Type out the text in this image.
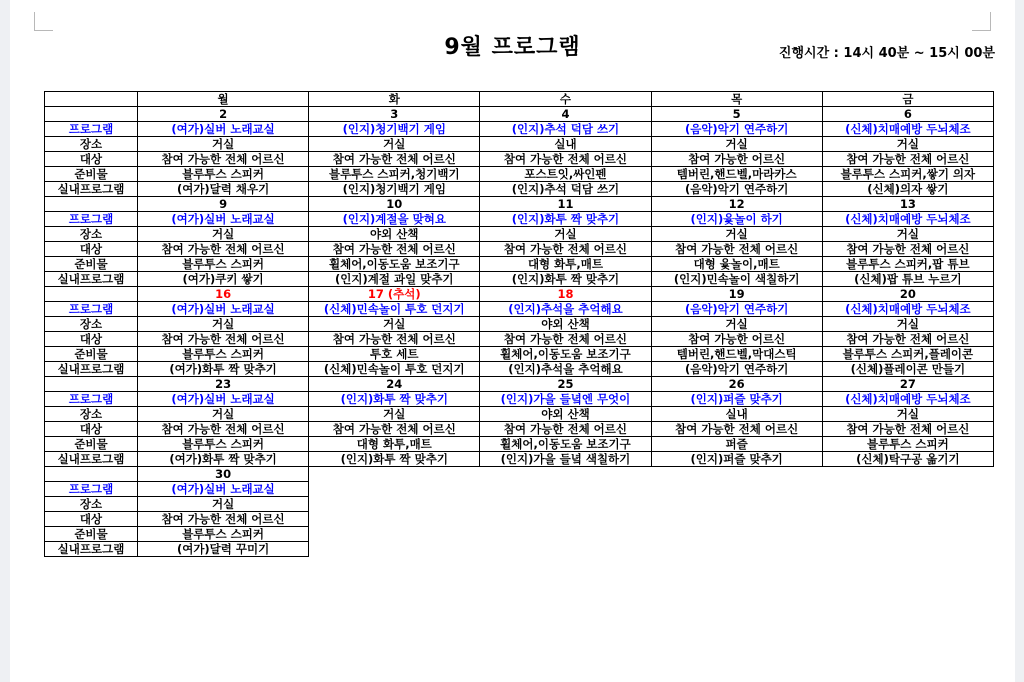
9월 프로그램	진행시간 : 14시 40분 ~ 15시 00분
	월	화	수	목	금
	2	3	4	5	6
프로그램	(여가)실버 노래교실	(인지)청기백기 게임	(인지)추석 덕담 쓰기	(음악)악기 연주하기	(신체)치매예방 두뇌체조
장소	거실	거실	실내	거실	거실
대상	참여 가능한 전체 어르신	참여 가능한 전체 어르신	참여 가능한 전체 어르신	참여 가능한 어르신	참여 가능한 전체 어르신
준비물	블루투스 스피커	블루투스 스피커,청기백기	포스트잇,싸인펜	템버린,핸드벨,마라카스	블루투스 스피커,쌓기 의자
실내프로그램	(여가)달력 채우기	(인지)청기백기 게임	(인지)추석 덕담 쓰기	(음악)악기 연주하기	(신체)의자 쌓기
	9	10	11	12	13
프로그램	(여가)실버 노래교실	(인지)계절을 맞혀요	(인지)화투 짝 맞추기	(인지)윷놀이 하기	(신체)치매예방 두뇌체조
장소	거실	야외 산책	거실	거실	거실
대상	참여 가능한 전체 어르신	참여 가능한 전체 어르신	참여 가능한 전체 어르신	참여 가능한 전체 어르신	참여 가능한 전체 어르신
준비물	블루투스 스피커	휠체어,이동도움 보조기구	대형 화투,매트	대형 윷놀이,매트	블루투스 스피커,팝 튜브
실내프로그램	(여가)쿠키 쌓기	(인지)계절 과일 맞추기	(인지)화투 짝 맞추기	(인지)민속놀이 색칠하기	(신체)팝 튜브 누르기
	16	17 (추석)	18	19	20
프로그램	(여가)실버 노래교실	(신체)민속놀이 투호 던지기	(인지)추석을 추억해요	(음악)악기 연주하기	(신체)치매예방 두뇌체조
장소	거실	거실	야외 산책	거실	거실
대상	참여 가능한 전체 어르신	참여 가능한 전체 어르신	참여 가능한 전체 어르신	참여 가능한 어르신	참여 가능한 전체 어르신
준비물	블루투스 스피커	투호 세트	휠체어,이동도움 보조기구	템버린,핸드벨,막대스틱	블루투스 스피커,플레이콘
실내프로그램	(여가)화투 짝 맞추기	(신체)민속놀이 투호 던지기	(인지)추석을 추억해요	(음악)악기 연주하기	(신체)플레이콘 만들기
	23	24	25	26	27
프로그램	(여가)실버 노래교실	(인지)화투 짝 맞추기	(인지)가을 들녘엔 무엇이	(인지)퍼즐 맞추기	(신체)치매예방 두뇌체조
장소	거실	거실	야외 산책	실내	거실
대상	참여 가능한 전체 어르신	참여 가능한 전체 어르신	참여 가능한 전체 어르신	참여 가능한 전체 어르신	참여 가능한 전체 어르신
준비물	블루투스 스피커	대형 화투,매트	휠체어,이동도움 보조기구	퍼즐	블루투스 스피커
실내프로그램	(여가)화투 짝 맞추기	(인지)화투 짝 맞추기	(인지)가을 들녘 색칠하기	(인지)퍼즐 맞추기	(신체)탁구공 옮기기
	30				
프로그램	(여가)실버 노래교실				
장소	거실				
대상	참여 가능한 전체 어르신				
준비물	블루투스 스피커				
실내프로그램	(여가)달력 꾸미기				
